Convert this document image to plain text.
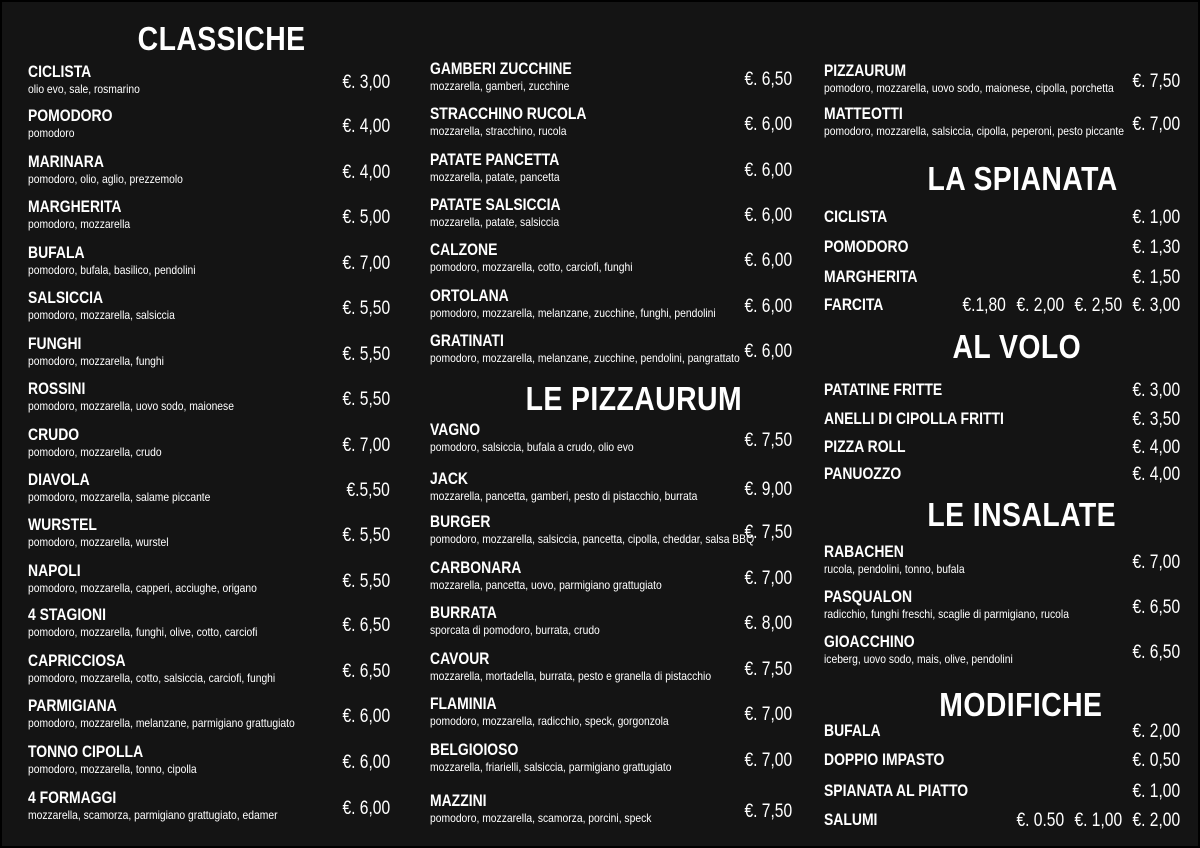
CLASSICHE
CICLISTA
olio evo, sale, rosmarino	€. 3,00
POMODORO
pomodoro	€. 4,00
MARINARA
pomodoro, olio, aglio, prezzemolo	€. 4,00
MARGHERITA
pomodoro, mozzarella	€. 5,00
BUFALA
pomodoro, bufala, basilico, pendolini	€. 7,00
SALSICCIA
pomodoro, mozzarella, salsiccia	€. 5,50
FUNGHI
pomodoro, mozzarella, funghi	€. 5,50
ROSSINI
pomodoro, mozzarella, uovo sodo, maionese	€. 5,50
CRUDO
pomodoro, mozzarella, crudo	€. 7,00
DIAVOLA
pomodoro, mozzarella, salame piccante	€.5,50
WURSTEL
pomodoro, mozzarella, wurstel	€. 5,50
NAPOLI
pomodoro, mozzarella, capperi, acciughe, origano	€. 5,50
4 STAGIONI
pomodoro, mozzarella, funghi, olive, cotto, carciofi	€. 6,50
CAPRICCIOSA
pomodoro, mozzarella, cotto, salsiccia, carciofi, funghi	€. 6,50
PARMIGIANA
pomodoro, mozzarella, melanzane, parmigiano grattugiato	€. 6,00
TONNO CIPOLLA
pomodoro, mozzarella, tonno, cipolla	€. 6,00
4 FORMAGGI
mozzarella, scamorza, parmigiano grattugiato, edamer	€. 6,00
GAMBERI ZUCCHINE
mozzarella, gamberi, zucchine	€. 6,50
STRACCHINO RUCOLA
mozzarella, stracchino, rucola	€. 6,00
PATATE PANCETTA
mozzarella, patate, pancetta	€. 6,00
PATATE SALSICCIA
mozzarella, patate, salsiccia	€. 6,00
CALZONE
pomodoro, mozzarella, cotto, carciofi, funghi	€. 6,00
ORTOLANA
pomodoro, mozzarella, melanzane, zucchine, funghi, pendolini €. 6,00
GRATINATI
pomodoro, mozzarella, melanzane, zucchine, pendolini, pangrattato €. 6,00
LE PIZZAURUM
VAGNO
pomodoro, salsiccia, bufala a crudo, olio evo	€. 7,50
JACK
mozzarella, pancetta, gamberi, pesto di pistacchio, burrata €. 9,00
BURGER
pomodoro, mozzarella, salsiccia, pancetta, cipolla, cheddar, salsa BBQ
€. 7,50
CARBONARA
mozzarella, pancetta, uovo, parmigiano grattugiato	€. 7,00
BURRATA
sporcata di pomodoro, burrata, crudo	€. 8,00
CAVOUR
mozzarella, mortadella, burrata, pesto e granella di pistacchio €. 7,50
FLAMINIA
pomodoro, mozzarella, radicchio, speck, gorgonzola	€. 7,00
BELGIOIOSO
mozzarella, friarielli, salsiccia, parmigiano grattugiato	€. 7,00
MAZZINI
pomodoro, mozzarella, scamorza, porcini, speck	€. 7,50
PIZZAURUM
pomodoro, mozzarella, uovo sodo, maionese, cipolla, porchetta €. 7,50
MATTEOTTI
pomodoro, mozzarella, salsiccia, cipolla, peperoni, pesto piccante €. 7,00
LA SPIANATA
CICLISTA	€. 1,00
POMODORO	€. 1,30
MARGHERITA	€. 1,50
FARCITA	€.1,80 €. 2,00 €. 2,50 €. 3,00
AL VOLO
PATATINE FRITTE	€. 3,00
ANELLI DI CIPOLLA FRITTI	€. 3,50
PIZZA ROLL	€. 4,00
PANUOZZO	€. 4,00
LE INSALATE
RABACHEN
rucola, pendolini, tonno, bufala	€. 7,00
PASQUALON
radicchio, funghi freschi, scaglie di parmigiano, rucola	€. 6,50
GIOACCHINO
iceberg, uovo sodo, mais, olive, pendolini	€. 6,50
MODIFICHE
BUFALA	€. 2,00
DOPPIO IMPASTO	€. 0,50
SPIANATA AL PIATTO	€. 1,00
SALUMI	€. 0.50 €. 1,00 €. 2,00
